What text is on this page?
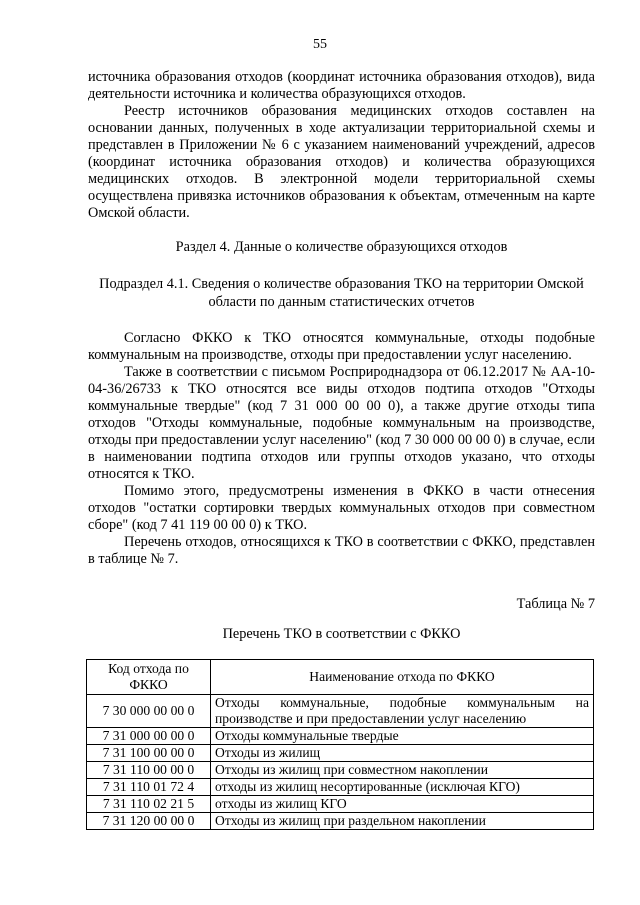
55

источника образования отходов (координат источника образования отходов), вида деятельности источника и количества образующихся отходов.

Реестр источников образования медицинских отходов составлен на основании данных, полученных в ходе актуализации территориальной схемы и представлен в Приложении № 6 с указанием наименований учреждений, адресов (координат источника образования отходов) и количества образующихся медицинских отходов. В электронной модели территориальной схемы осуществлена привязка источников образования к объектам, отмеченным на карте Омской области.

Раздел 4. Данные о количестве образующихся отходов
Подраздел 4.1. Сведения о количестве образования ТКО на территории Омской области по данным статистических отчетов

Согласно ФККО к ТКО относятся коммунальные, отходы подобные коммунальным на производстве, отходы при предоставлении услуг населению.

Также в соответствии с письмом Росприроднадзора от 06.12.2017 № АА-10-04-36/26733 к ТКО относятся все виды отходов подтипа отходов "Отходы коммунальные твердые" (код 7 31 000 00 00 0), а также другие отходы типа отходов "Отходы коммунальные, подобные коммунальным на производстве, отходы при предоставлении услуг населению" (код 7 30 000 00 00 0) в случае, если в наименовании подтипа отходов или группы отходов указано, что отходы относятся к ТКО.

Помимо этого, предусмотрены изменения в ФККО в части отнесения отходов "остатки сортировки твердых коммунальных отходов при совместном сборе" (код 7 41 119 00 00 0) к ТКО.

Перечень отходов, относящихся к ТКО в соответствии с ФККО, представлен в таблице № 7.

Таблица № 7
Перечень ТКО в соответствии с ФККО
Код отхода по ФККО	Наименование отхода по ФККО
7 30 000 00 00 0	Отходы коммунальные, подобные коммунальным на производстве и при предоставлении услуг населению
7 31 000 00 00 0	Отходы коммунальные твердые
7 31 100 00 00 0	Отходы из жилищ
7 31 110 00 00 0	Отходы из жилищ при совместном накоплении
7 31 110 01 72 4	отходы из жилищ несортированные (исключая КГО)
7 31 110 02 21 5	отходы из жилищ КГО
7 31 120 00 00 0	Отходы из жилищ при раздельном накоплении
